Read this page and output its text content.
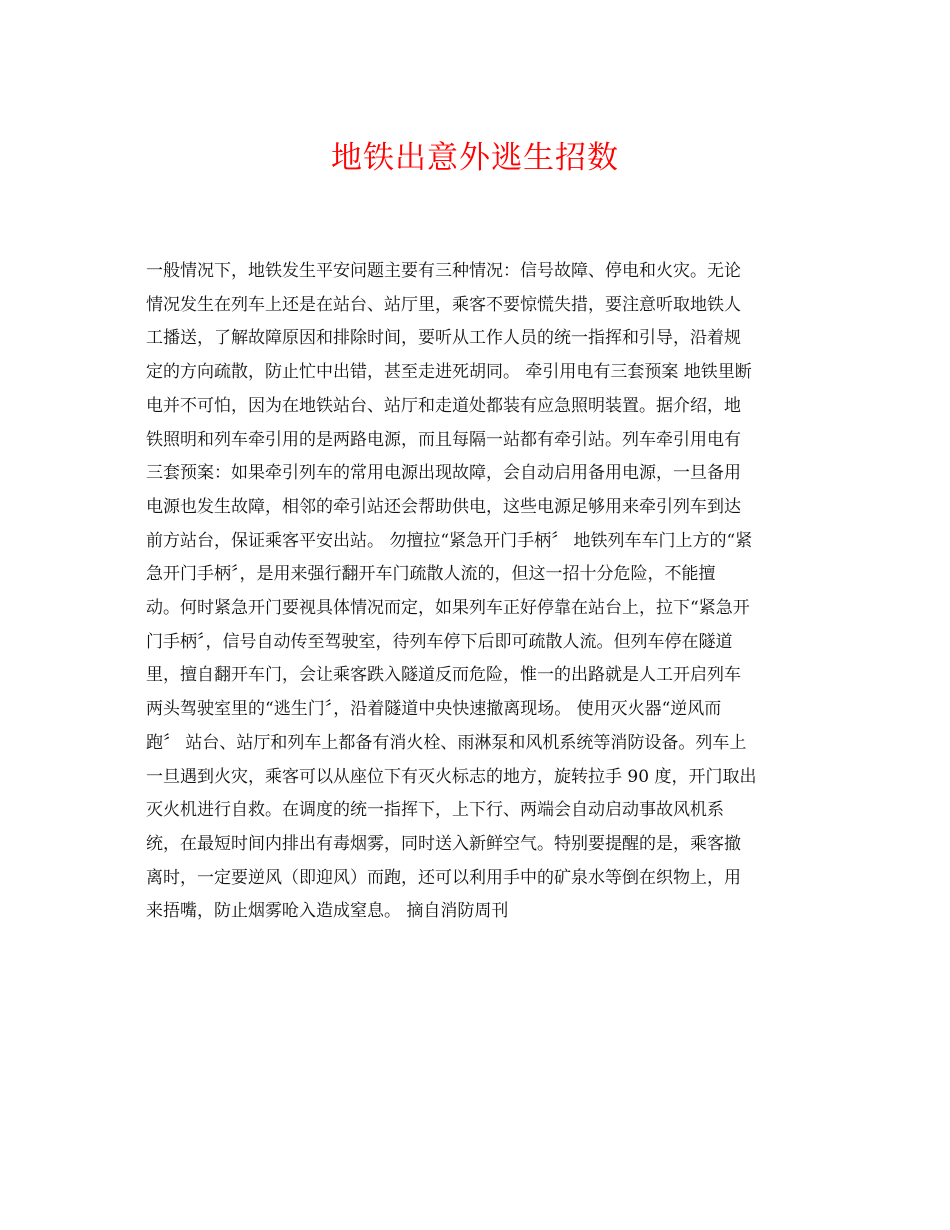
地铁出意外逃生招数
一般情况下，地铁发生平安问题主要有三种情况：信号故障、停电和火灾。无论
情况发生在列车上还是在站台、站厅里，乘客不要惊慌失措，要注意听取地铁人
工播送，了解故障原因和排除时间，要听从工作人员的统一指挥和引导，沿着规
定的方向疏散，防止忙中出错，甚至走进死胡同。 牵引用电有三套预案 地铁里断
电并不可怕，因为在地铁站台、站厅和走道处都装有应急照明装置。据介绍，地
铁照明和列车牵引用的是两路电源，而且每隔一站都有牵引站。列车牵引用电有
三套预案：如果牵引列车的常用电源出现故障，会自动启用备用电源，一旦备用
电源也发生故障，相邻的牵引站还会帮助供电，这些电源足够用来牵引列车到达
前方站台，保证乘客平安出站。 勿擅拉“紧急开门手柄〞 地铁列车车门上方的“紧
急开门手柄〞，是用来强行翻开车门疏散人流的，但这一招十分危险，不能擅
动。何时紧急开门要视具体情况而定，如果列车正好停靠在站台上，拉下“紧急开
门手柄〞，信号自动传至驾驶室，待列车停下后即可疏散人流。但列车停在隧道
里，擅自翻开车门，会让乘客跌入隧道反而危险，惟一的出路就是人工开启列车
两头驾驶室里的“逃生门〞，沿着隧道中央快速撤离现场。 使用灭火器“逆风而
跑〞 站台、站厅和列车上都备有消火栓、雨淋泵和风机系统等消防设备。列车上
一旦遇到火灾，乘客可以从座位下有灭火标志的地方，旋转拉手 90 度，开门取出
灭火机进行自救。在调度的统一指挥下，上下行、两端会自动启动事故风机系
统，在最短时间内排出有毒烟雾，同时送入新鲜空气。特别要提醒的是，乘客撤
离时，一定要逆风（即迎风）而跑，还可以利用手中的矿泉水等倒在织物上，用
来捂嘴，防止烟雾呛入造成窒息。 摘自消防周刊
